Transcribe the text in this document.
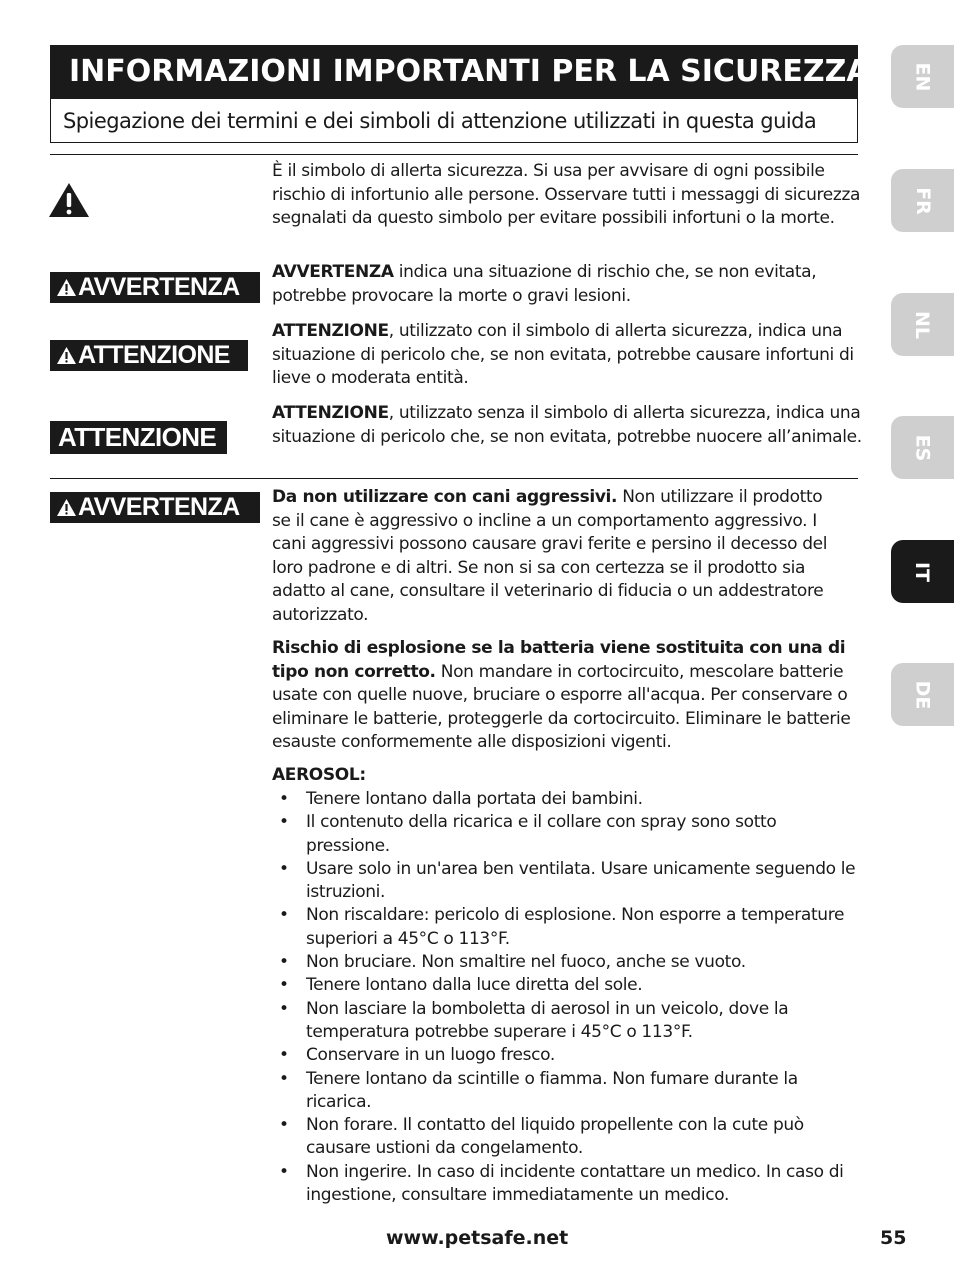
INFORMAZIONI IMPORTANTI PER LA SICUREZZA
Spiegazione dei termini e dei simboli di attenzione utilizzati in questa guida
È il simbolo di allerta sicurezza. Si usa per avvisare di ogni possibile rischio di infortunio alle persone. Osservare tutti i messaggi di sicurezza segnalati da questo simbolo per evitare possibili infortuni o la morte.
AVVERTENZA
AVVERTENZA indica una situazione di rischio che, se non evitata, potrebbe provocare la morte o gravi lesioni.
ATTENZIONE
ATTENZIONE, utilizzato con il simbolo di allerta sicurezza, indica una situazione di pericolo che, se non evitata, potrebbe causare infortuni di lieve o moderata entità.
ATTENZIONE
ATTENZIONE, utilizzato senza il simbolo di allerta sicurezza, indica una situazione di pericolo che, se non evitata, potrebbe nuocere all’animale.
AVVERTENZA Da non utilizzare con cani aggressivi. Non utilizzare il prodotto se il cane è aggressivo o incline a un comportamento aggressivo. I cani aggressivi possono causare gravi ferite e persino il decesso del loro padrone e di altri. Se non si sa con certezza se il prodotto sia adatto al cane, consultare il veterinario di fiducia o un addestratore autorizzato.
Rischio di esplosione se la batteria viene sostituita con una di tipo non corretto. Non mandare in cortocircuito, mescolare batterie usate con quelle nuove, bruciare o esporre all'acqua. Per conservare o eliminare le batterie, proteggerle da cortocircuito. Eliminare le batterie esauste conformemente alle disposizioni vigenti.
AEROSOL:
• Tenere lontano dalla portata dei bambini.
• Il contenuto della ricarica e il collare con spray sono sotto pressione.
• Usare solo in un'area ben ventilata. Usare unicamente seguendo le istruzioni.
• Non riscaldare: pericolo di esplosione. Non esporre a temperature superiori a 45°C o 113°F.
• Non bruciare. Non smaltire nel fuoco, anche se vuoto.
• Tenere lontano dalla luce diretta del sole.
• Non lasciare la bomboletta di aerosol in un veicolo, dove la temperatura potrebbe superare i 45°C o 113°F.
• Conservare in un luogo fresco.
• Tenere lontano da scintille o fiamma. Non fumare durante la ricarica.
• Non forare. Il contatto del liquido propellente con la cute può causare ustioni da congelamento.
• Non ingerire. In caso di incidente contattare un medico. In caso di ingestione, consultare immediatamente un medico.
EN
FR
NL
ES
IT
DE
www.petsafe.net	55
